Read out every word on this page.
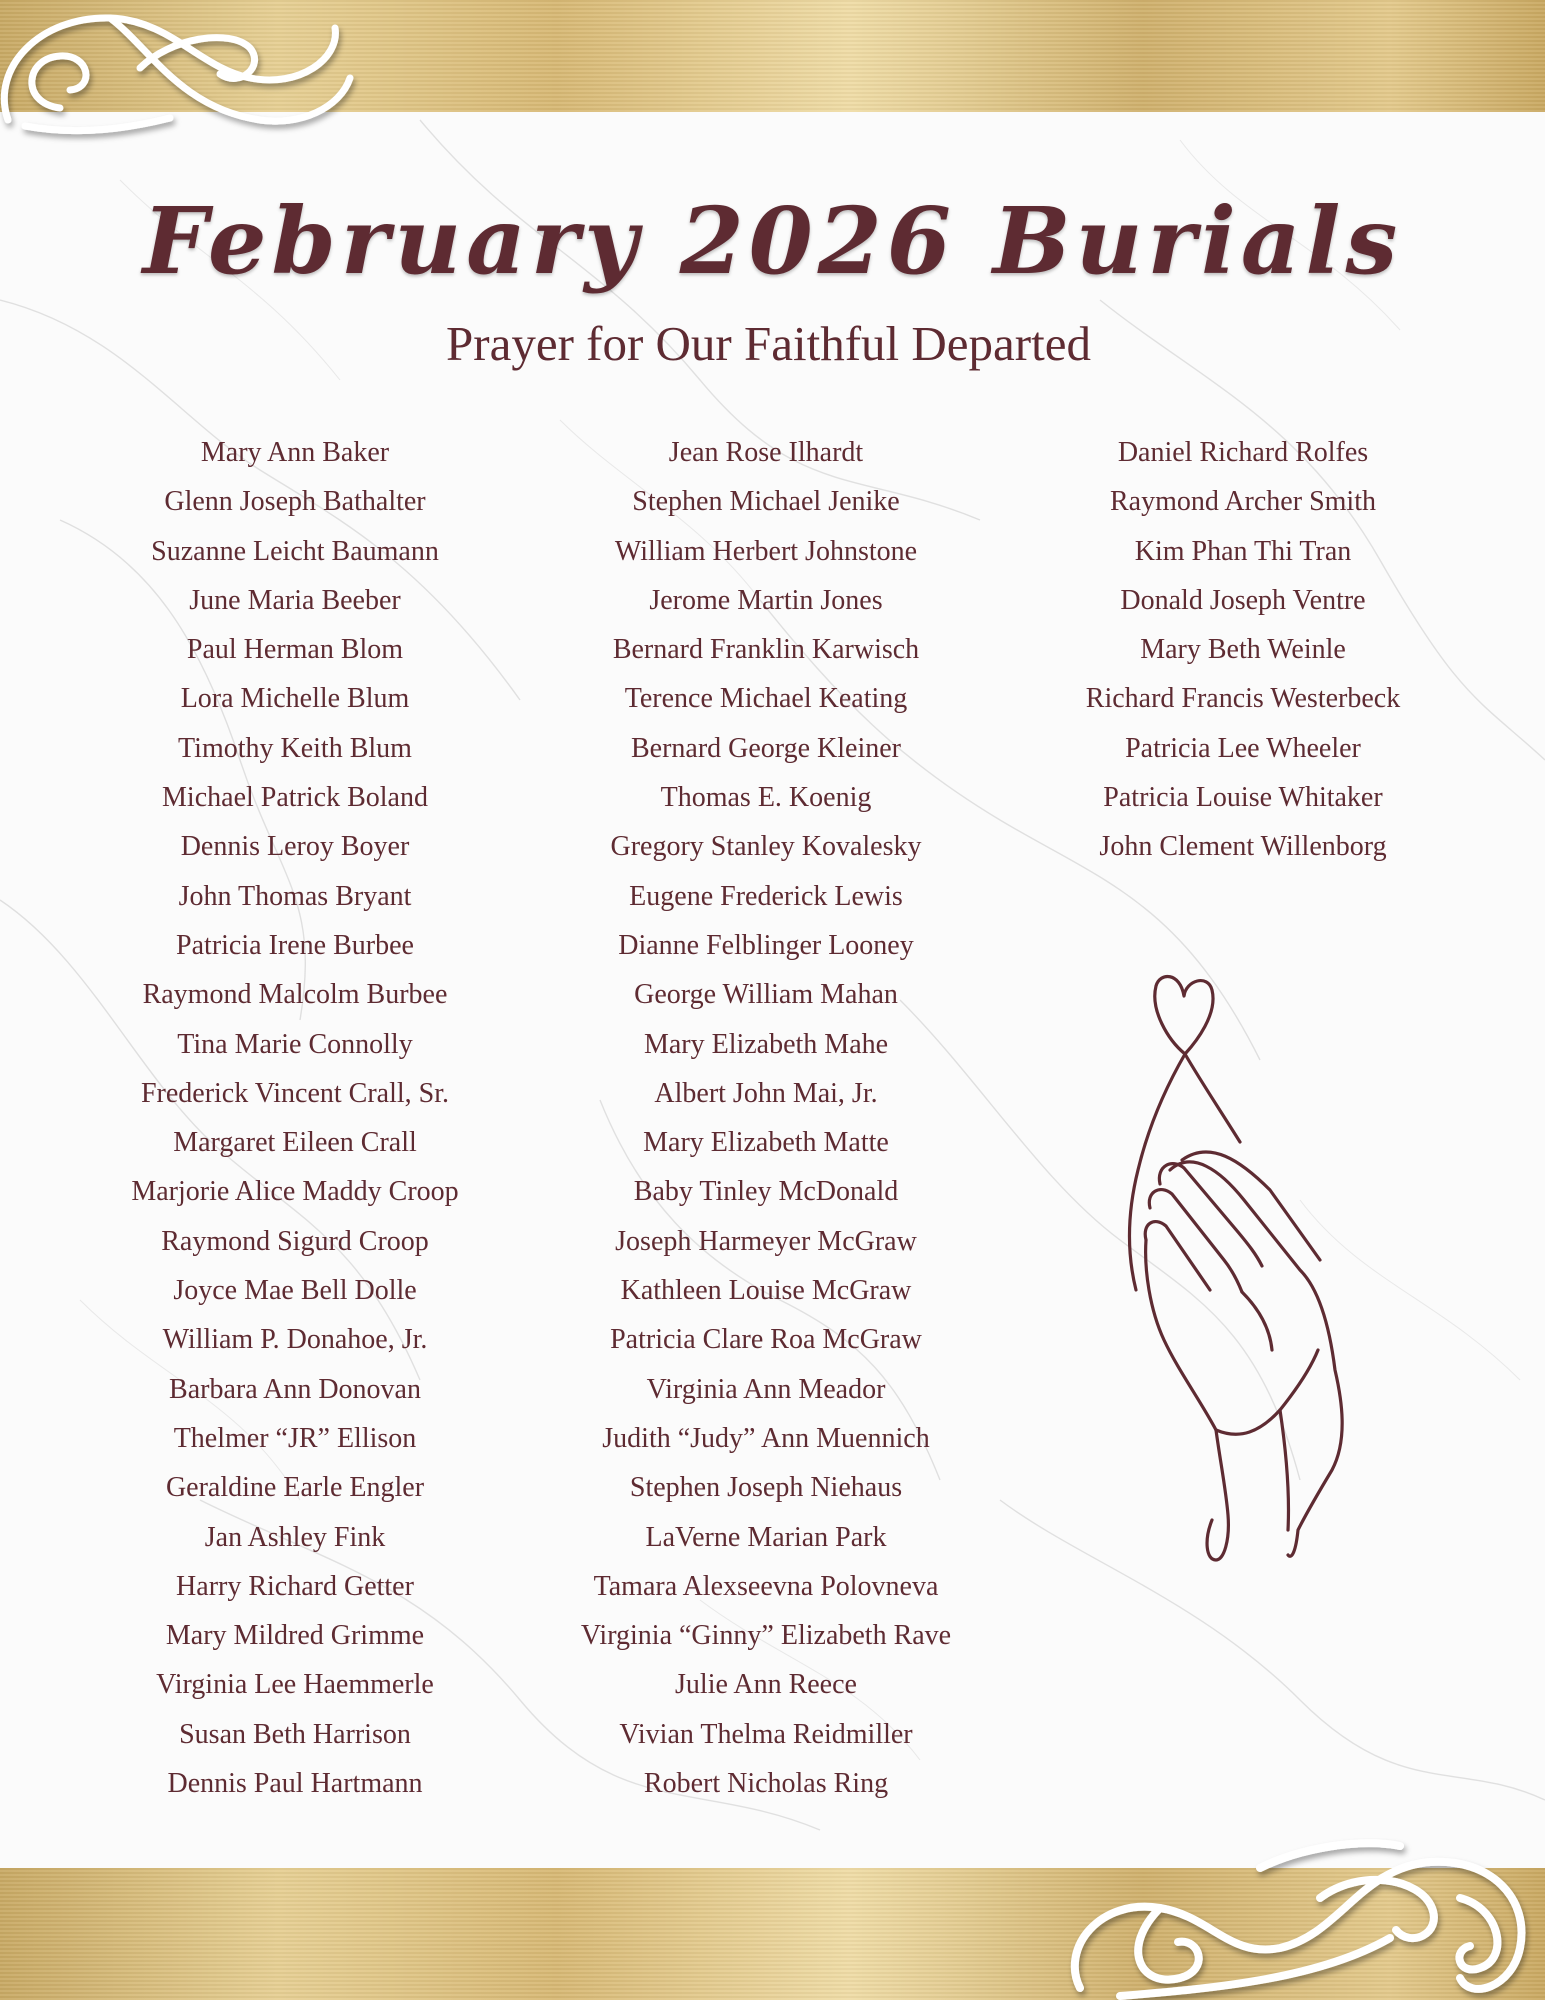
February 2026 Burials
Prayer for Our Faithful Departed
Mary Ann Baker
Glenn Joseph Bathalter
Suzanne Leicht Baumann
June Maria Beeber
Paul Herman Blom
Lora Michelle Blum
Timothy Keith Blum
Michael Patrick Boland
Dennis Leroy Boyer
John Thomas Bryant
Patricia Irene Burbee
Raymond Malcolm Burbee
Tina Marie Connolly
Frederick Vincent Crall, Sr.
Margaret Eileen Crall
Marjorie Alice Maddy Croop
Raymond Sigurd Croop
Joyce Mae Bell Dolle
William P. Donahoe, Jr.
Barbara Ann Donovan
Thelmer “JR” Ellison
Geraldine Earle Engler
Jan Ashley Fink
Harry Richard Getter
Mary Mildred Grimme
Virginia Lee Haemmerle
Susan Beth Harrison
Dennis Paul Hartmann
Jean Rose Ilhardt
Stephen Michael Jenike
William Herbert Johnstone
Jerome Martin Jones
Bernard Franklin Karwisch
Terence Michael Keating
Bernard George Kleiner
Thomas E. Koenig
Gregory Stanley Kovalesky
Eugene Frederick Lewis
Dianne Felblinger Looney
George William Mahan
Mary Elizabeth Mahe
Albert John Mai, Jr.
Mary Elizabeth Matte
Baby Tinley McDonald
Joseph Harmeyer McGraw
Kathleen Louise McGraw
Patricia Clare Roa McGraw
Virginia Ann Meador
Judith “Judy” Ann Muennich
Stephen Joseph Niehaus
LaVerne Marian Park
Tamara Alexseevna Polovneva
Virginia “Ginny” Elizabeth Rave
Julie Ann Reece
Vivian Thelma Reidmiller
Robert Nicholas Ring
Daniel Richard Rolfes
Raymond Archer Smith
Kim Phan Thi Tran
Donald Joseph Ventre
Mary Beth Weinle
Richard Francis Westerbeck
Patricia Lee Wheeler
Patricia Louise Whitaker
John Clement Willenborg
